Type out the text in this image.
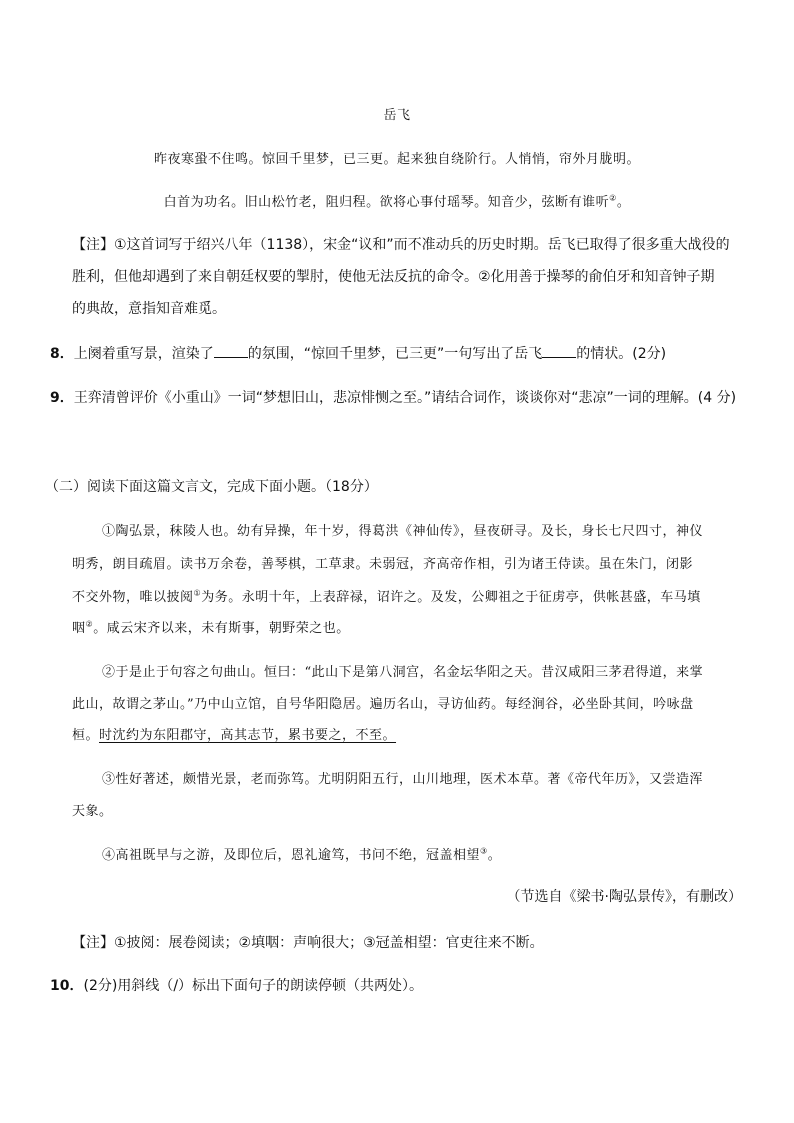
岳飞
昨夜寒蛩不住鸣。惊回千里梦，已三更。起来独自绕阶行。人悄悄，帘外月胧明。
白首为功名。旧山松竹老，阻归程。欲将心事付瑶琴。知音少，弦断有谁听②。
【注】①这首词写于绍兴八年（1138），宋金“议和”而不准动兵的历史时期。岳飞已取得了很多重大战役的
胜利，但他却遇到了来自朝廷权要的掣肘，使他无法反抗的命令。②化用善于操琴的俞伯牙和知音钟子期
的典故，意指知音难觅。
8．上阕着重写景，渲染了 的氛围，“惊回千里梦，已三更”一句写出了岳飞 的情状。(2分)
9．王弈清曾评价《小重山》一词“梦想旧山，悲凉悱恻之至。”请结合词作，谈谈你对“悲凉”一词的理解。(4 分)
（二）阅读下面这篇文言文，完成下面小题。（18分）
①陶弘景，秣陵人也。幼有异操，年十岁，得葛洪《神仙传》，昼夜研寻。及长，身长七尺四寸，神仪
明秀，朗目疏眉。读书万余卷，善琴棋，工草隶。未弱冠，齐高帝作相，引为诸王侍读。虽在朱门，闭影
不交外物，唯以披阅①为务。永明十年，上表辞禄，诏许之。及发，公卿祖之于征虏亭，供帐甚盛，车马填
咽②。咸云宋齐以来，未有斯事，朝野荣之也。
②于是止于句容之句曲山。恒曰：“此山下是第八洞宫，名金坛华阳之天。昔汉咸阳三茅君得道，来掌
此山，故谓之茅山。”乃中山立馆，自号华阳隐居。遍历名山，寻访仙药。每经涧谷，必坐卧其间，吟咏盘
桓。时沈约为东阳郡守，高其志节，累书要之，不至。
③性好著述，颇惜光景，老而弥笃。尤明阴阳五行，山川地理，医术本草。著《帝代年历》，又尝造浑
天象。
④高祖既早与之游，及即位后，恩礼逾笃，书问不绝，冠盖相望③。
（节选自《梁书·陶弘景传》，有删改）
【注】①披阅：展卷阅读；②填咽：声响很大；③冠盖相望：官吏往来不断。
10．(2分)用斜线（/）标出下面句子的朗读停顿（共两处）。
